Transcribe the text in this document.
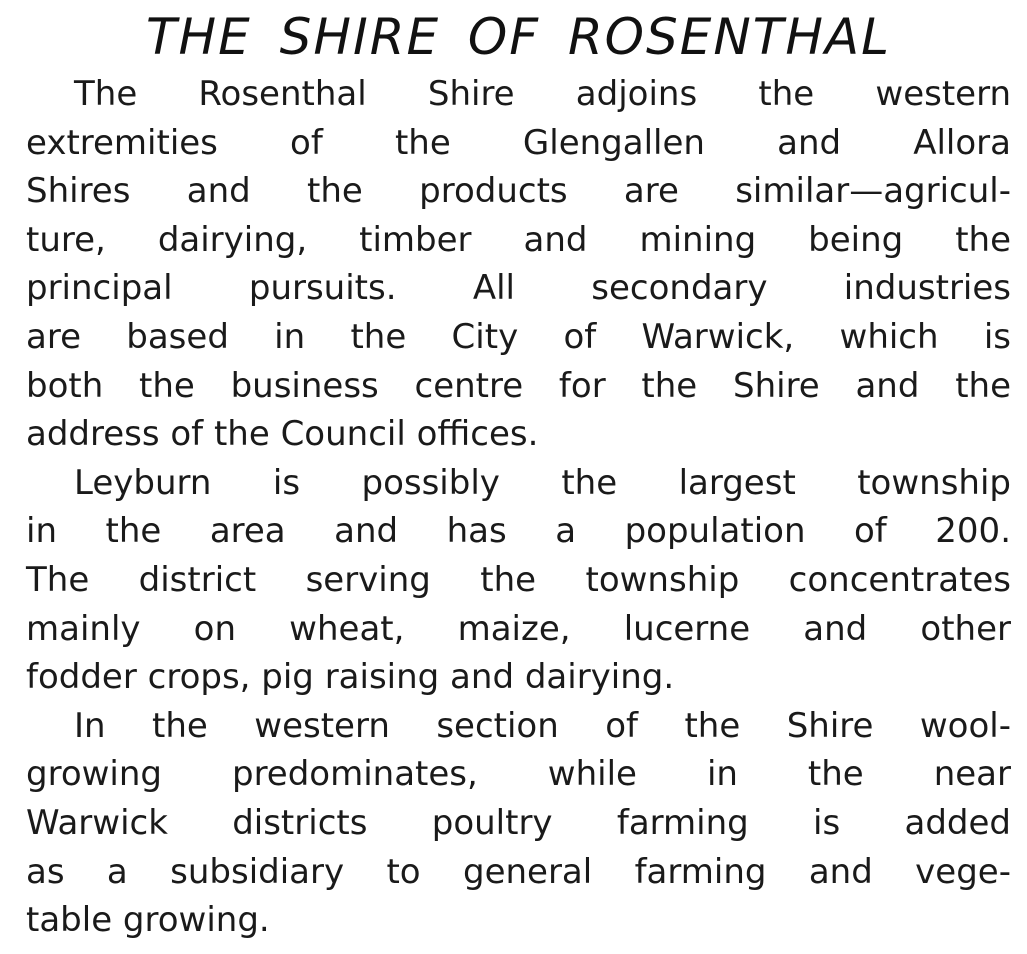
THE SHIRE OF ROSENTHAL

The Rosenthal Shire adjoins the western
extremities of the Glengallen and Allora
Shires and the products are similar—agricul-
ture, dairying, timber and mining being the
principal pursuits. All secondary industries
are based in the City of Warwick, which is
both the business centre for the Shire and the
address of the Council offices.

Leyburn is possibly the largest township
in the area and has a population of 200.
The district serving the township concentrates
mainly on wheat, maize, lucerne and other
fodder crops, pig raising and dairying.

In the western section of the Shire wool-
growing predominates, while in the near
Warwick districts poultry farming is added
as a subsidiary to general farming and vege-
table growing.
